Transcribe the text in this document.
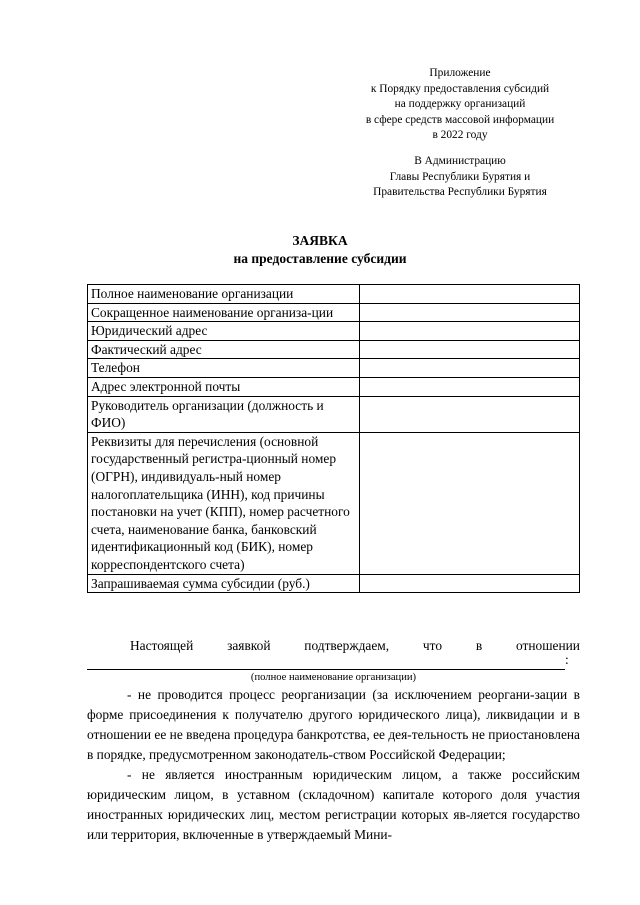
Приложение
к Порядку предоставления субсидий
на поддержку организаций
в сфере средств массовой информации
в 2022 году
В Администрацию
Главы Республики Бурятия и
Правительства Республики Бурятия
ЗАЯВКА
на предоставление субсидии
Полное наименование организации	
Сокращенное наименование организа-ции	
Юридический адрес	
Фактический адрес	
Телефон	
Адрес электронной почты	
Руководитель организации (должность и ФИО)	
Реквизиты для перечисления (основной государственный регистра-ционный номер (ОГРН), индивидуаль-ный номер налогоплательщика (ИНН), код причины постановки на учет (КПП), номер расчетного счета, наименование банка, банковский идентификационный код (БИК), номер корреспондентского счета)	
Запрашиваемая сумма субсидии (руб.)	
Настоящей	заявкой	подтверждаем,	что	в	отношении
:
(полное наименование организации)

- не проводится процесс реорганизации (за исключением реоргани-зации в форме присоединения к получателю другого юридического лица), ликвидации и в отношении ее не введена процедура банкротства, ее дея-тельность не приостановлена в порядке, предусмотренном законодатель-ством Российской Федерации;

- не является иностранным юридическим лицом, а также российским юридическим лицом, в уставном (складочном) капитале которого доля участия иностранных юридических лиц, местом регистрации которых яв-ляется государство или территория, включенные в утверждаемый Мини-
